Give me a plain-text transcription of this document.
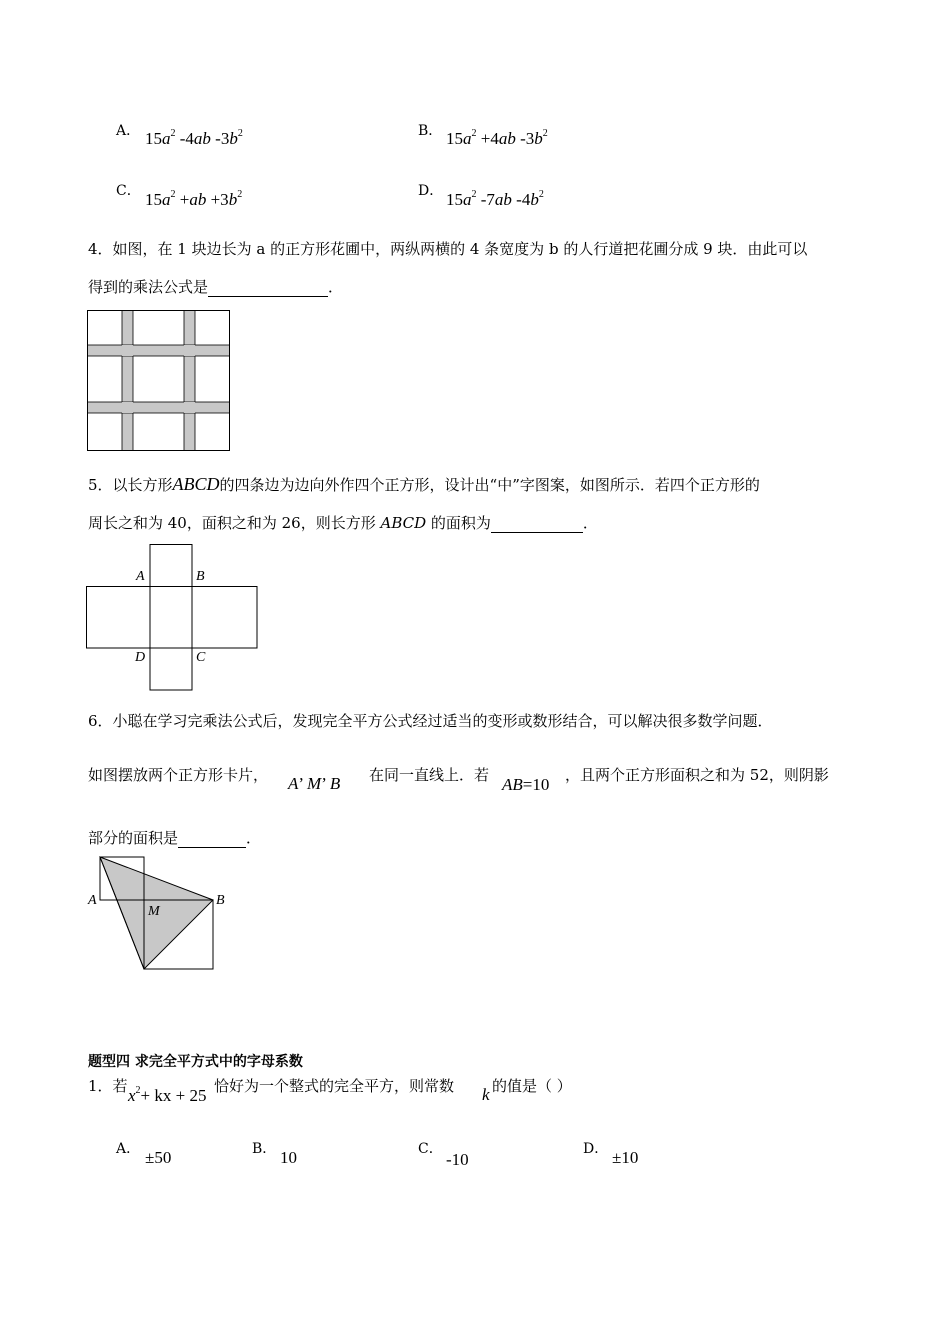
A． $15a^2$ -4ab $-3b^2$	B． $15a^2 +4ab$ $-3b^2$
C． $15a^2 +ab +3b^2$	D． $15a^2$ -7ab $-4b^2$
4．如图，在 1 块边长为 a 的正方形花圃中，两纵两横的 4 条宽度为 b 的人行道把花圃分成 9 块．由此可以
得到的乘法公式是	．
5．以长方形ABCD的四条边为边向外作四个正方形，设计出“中”字图案，如图所示．若四个正方形的
周长之和为 40，面积之和为 26，则长方形 ABCD 的面积为	．
A	B
C
D
6．小聪在学习完乘法公式后，发现完全平方公式经过适当的变形或数形结合，可以解决很多数学问题．
如图摆放两个正方形卡片， A’ M’ B 在同一直线上．若 AB=10 ，且两个正方形面积之和为 52，则阴影
部分的面积是	．
A
M
B
题型四 求完全平方式中的字母系数
1．若 $x^2+$ kx + 25 恰好为一个整式的完全平方，则常数 k 的值是（ ）
A． ±50	B． 10	C．
-10
D． ±10
